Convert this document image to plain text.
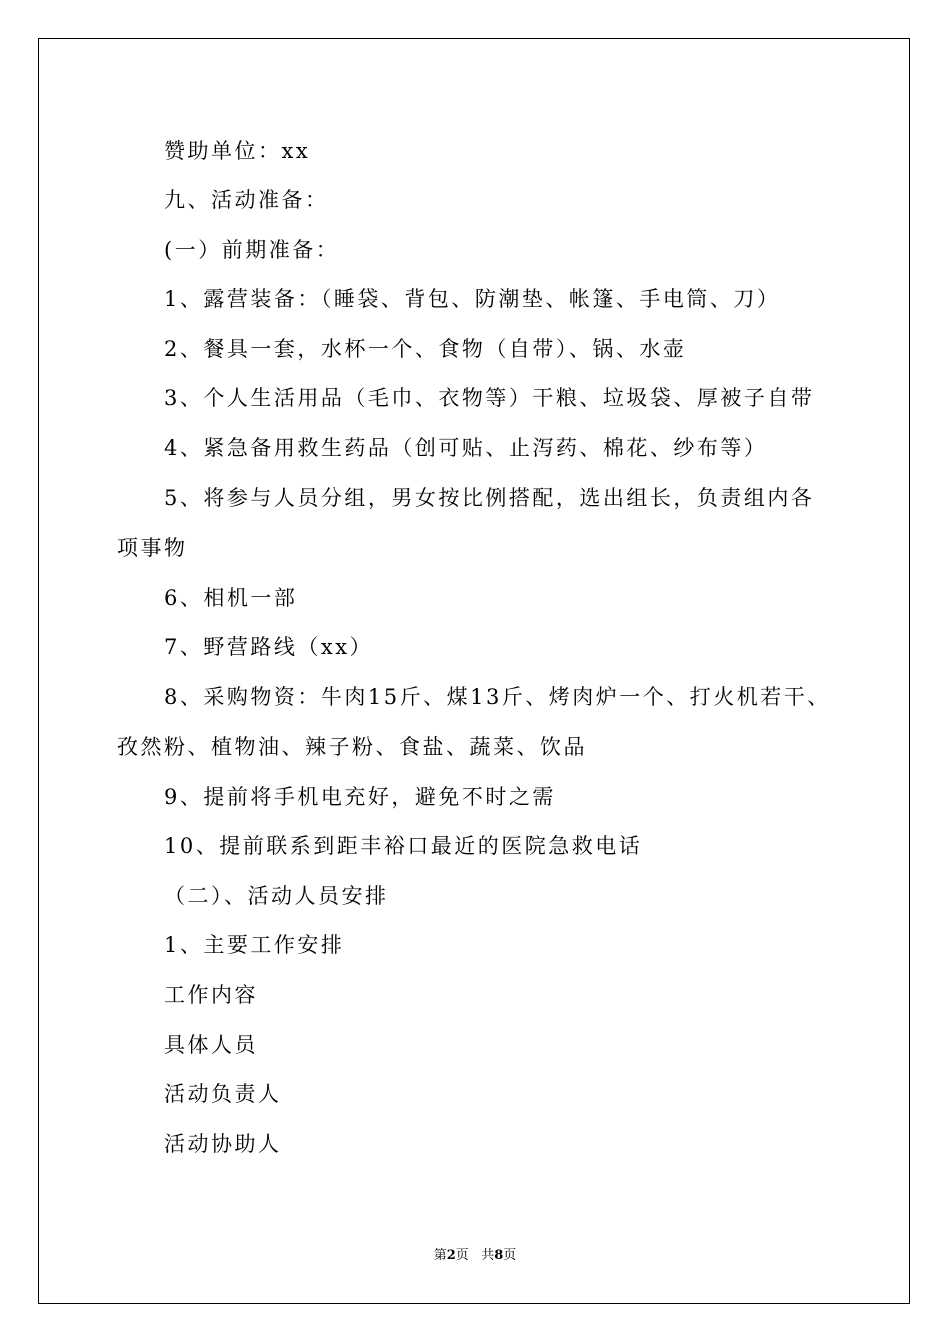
赞助单位：xx
九、活动准备：
(一）前期准备：
1、露营装备：（睡袋、背包、防潮垫、帐篷、手电筒、刀）
2、餐具一套，水杯一个、食物（自带）、锅、水壶
3、个人生活用品（毛巾、衣物等）干粮、垃圾袋、厚被子自带
4、紧急备用救生药品（创可贴、止泻药、棉花、纱布等）
5、将参与人员分组，男女按比例搭配，选出组长，负责组内各
项事物
6、相机一部
7、野营路线（xx）
8、采购物资：牛肉15斤、煤13斤、烤肉炉一个、打火机若干、
孜然粉、植物油、辣子粉、食盐、蔬菜、饮品
9、提前将手机电充好，避免不时之需
10、提前联系到距丰裕口最近的医院急救电话
（二）、活动人员安排
1、主要工作安排
工作内容
具体人员
活动负责人
活动协助人
第2页 共8页
